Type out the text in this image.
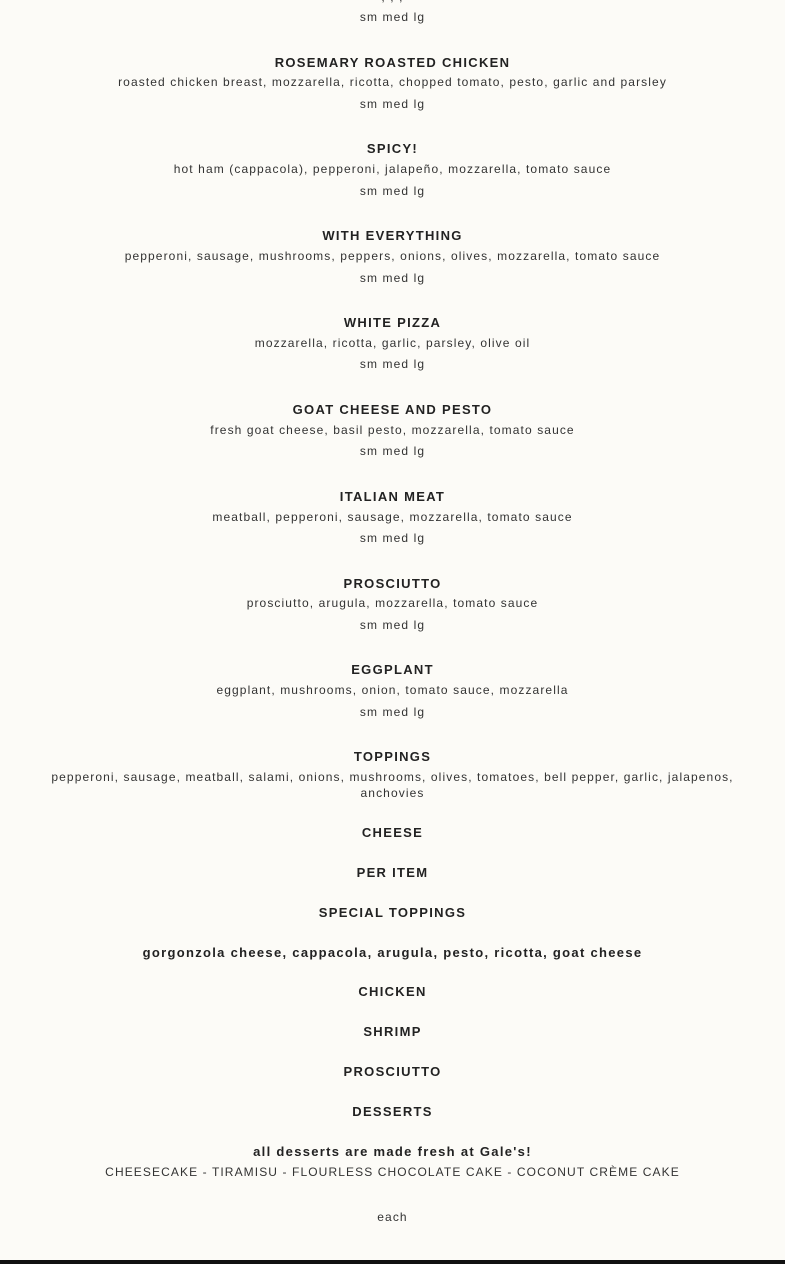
sm med lg
ROSEMARY ROASTED CHICKEN
roasted chicken breast, mozzarella, ricotta, chopped tomato, pesto, garlic and parsley
sm med lg
SPICY!
hot ham (cappacola), pepperoni, jalapeño, mozzarella, tomato sauce
sm med lg
WITH EVERYTHING
pepperoni, sausage, mushrooms, peppers, onions, olives, mozzarella, tomato sauce
sm med lg
WHITE PIZZA
mozzarella, ricotta, garlic, parsley, olive oil
sm med lg
GOAT CHEESE AND PESTO
fresh goat cheese, basil pesto, mozzarella, tomato sauce
sm med lg
ITALIAN MEAT
meatball, pepperoni, sausage, mozzarella, tomato sauce
sm med lg
PROSCIUTTO
prosciutto, arugula, mozzarella, tomato sauce
sm med lg
EGGPLANT
eggplant, mushrooms, onion, tomato sauce, mozzarella
sm med lg
TOPPINGS
pepperoni, sausage, meatball, salami, onions, mushrooms, olives, tomatoes, bell pepper, garlic, jalapenos, anchovies
CHEESE
PER ITEM
SPECIAL TOPPINGS
gorgonzola cheese, cappacola, arugula, pesto, ricotta, goat cheese
CHICKEN
SHRIMP
PROSCIUTTO
DESSERTS
all desserts are made fresh at Gale's!
CHEESECAKE - TIRAMISU - FLOURLESS CHOCOLATE CAKE - COCONUT CRÈME CAKE
each
